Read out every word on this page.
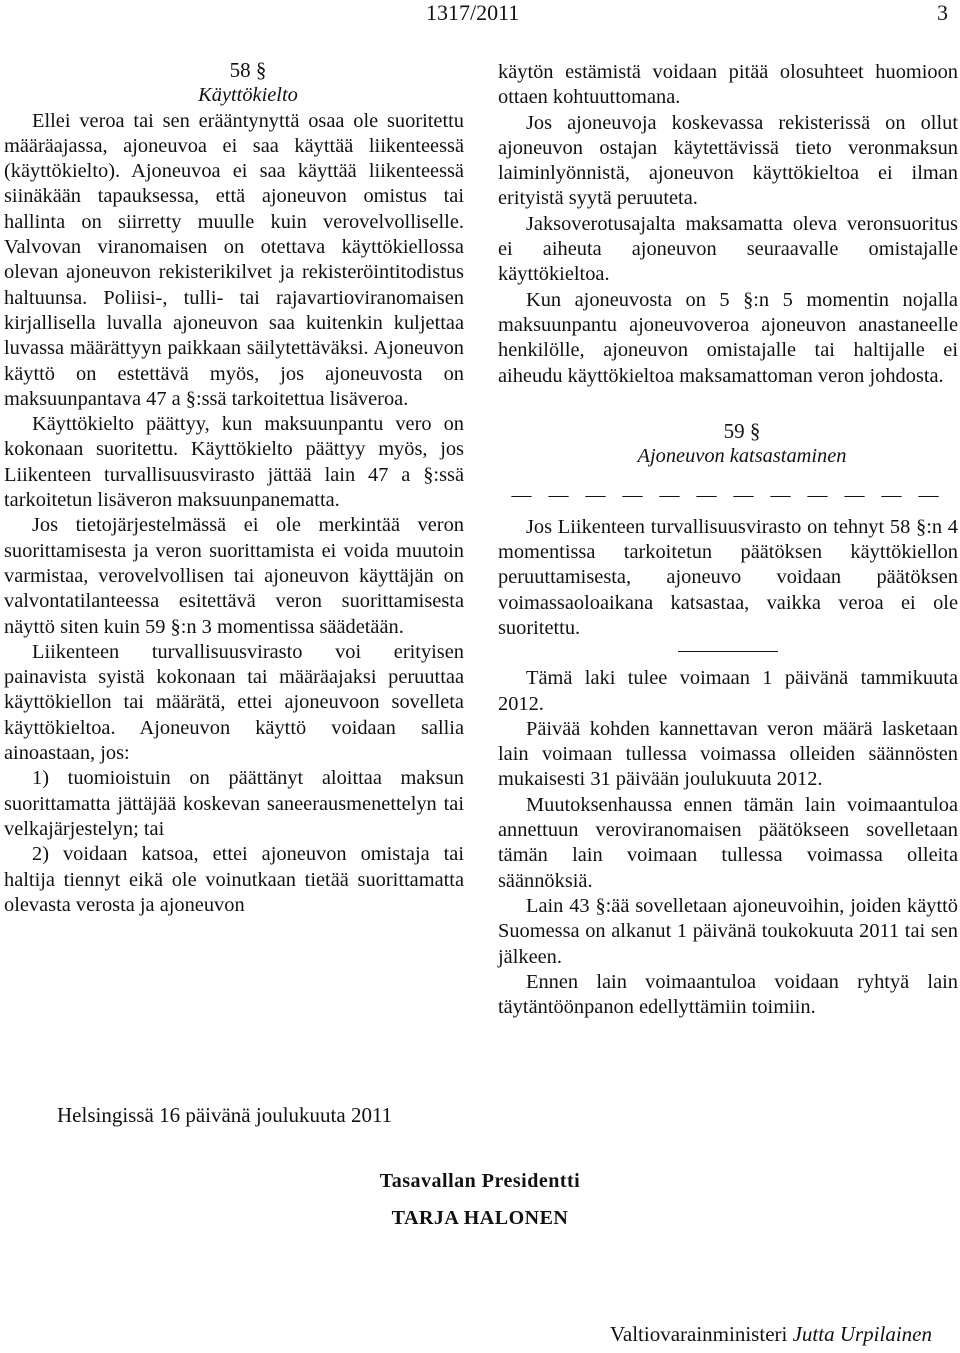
1317/2011	3

58 §

Käyttökielto

Ellei veroa tai sen erääntynyttä osaa ole suoritettu määräajassa, ajoneuvoa ei saa käyttää liikenteessä (käyttökielto). Ajoneuvoa ei saa käyttää liikenteessä siinäkään tapauksessa, että ajoneuvon omistus tai hallinta on siirretty muulle kuin verovelvolliselle. Valvovan viranomaisen on otettava käyttökiellossa olevan ajoneuvon rekisterikilvet ja rekisteröintitodistus haltuunsa. Poliisi-, tulli- tai rajavartioviranomaisen kirjallisella luvalla ajoneuvon saa kuitenkin kuljettaa luvassa määrättyyn paikkaan säilytettäväksi. Ajoneuvon käyttö on estettävä myös, jos ajoneuvosta on maksuunpantava 47 a §:ssä tarkoitettua lisäveroa.

Käyttökielto päättyy, kun maksuunpantu vero on kokonaan suoritettu. Käyttökielto päättyy myös, jos Liikenteen turvallisuusvirasto jättää lain 47 a §:ssä tarkoitetun lisäveron maksuunpanematta.

Jos tietojärjestelmässä ei ole merkintää veron suorittamisesta ja veron suorittamista ei voida muutoin varmistaa, verovelvollisen tai ajoneuvon käyttäjän on valvontatilanteessa esitettävä veron suorittamisesta näyttö siten kuin 59 §:n 3 momentissa säädetään.

Liikenteen turvallisuusvirasto voi erityisen painavista syistä kokonaan tai määräajaksi peruuttaa käyttökiellon tai määrätä, ettei ajoneuvoon sovelleta käyttökieltoa. Ajoneuvon käyttö voidaan sallia ainoastaan, jos:

1) tuomioistuin on päättänyt aloittaa maksun suorittamatta jättäjää koskevan saneerausmenettelyn tai velkajärjestelyn; tai

2) voidaan katsoa, ettei ajoneuvon omistaja tai haltija tiennyt eikä ole voinutkaan tietää suorittamatta olevasta verosta ja ajoneuvon

käytön estämistä voidaan pitää olosuhteet huomioon ottaen kohtuuttomana.

Jos ajoneuvoja koskevassa rekisterissä on ollut ajoneuvon ostajan käytettävissä tieto veronmaksun laiminlyönnistä, ajoneuvon käyttökieltoa ei ilman erityistä syytä peruuteta.

Jaksoverotusajalta maksamatta oleva veronsuoritus ei aiheuta ajoneuvon seuraavalle omistajalle käyttökieltoa.

Kun ajoneuvosta on 5 §:n 5 momentin nojalla maksuunpantu ajoneuvoveroa ajoneuvon anastaneelle henkilölle, ajoneuvon omistajalle tai haltijalle ei aiheudu käyttökieltoa maksamattoman veron johdosta.

59 §

Ajoneuvon katsastaminen

— — — — — — — — — — — —

Jos Liikenteen turvallisuusvirasto on tehnyt 58 §:n 4 momentissa tarkoitetun päätöksen käyttökiellon peruuttamisesta, ajoneuvo voidaan päätöksen voimassaoloaikana katsastaa, vaikka veroa ei ole suoritettu.

Tämä laki tulee voimaan 1 päivänä tammikuuta 2012.

Päivää kohden kannettavan veron määrä lasketaan lain voimaan tullessa voimassa olleiden säännösten mukaisesti 31 päivään joulukuuta 2012.

Muutoksenhaussa ennen tämän lain voimaantuloa annettuun veroviranomaisen päätökseen sovelletaan tämän lain voimaan tullessa voimassa olleita säännöksiä.

Lain 43 §:ää sovelletaan ajoneuvoihin, joiden käyttö Suomessa on alkanut 1 päivänä toukokuuta 2011 tai sen jälkeen.

Ennen lain voimaantuloa voidaan ryhtyä lain täytäntöönpanon edellyttämiin toimiin.

Helsingissä 16 päivänä joulukuuta 2011
Tasavallan Presidentti
TARJA HALONEN
Valtiovarainministeri Jutta Urpilainen
